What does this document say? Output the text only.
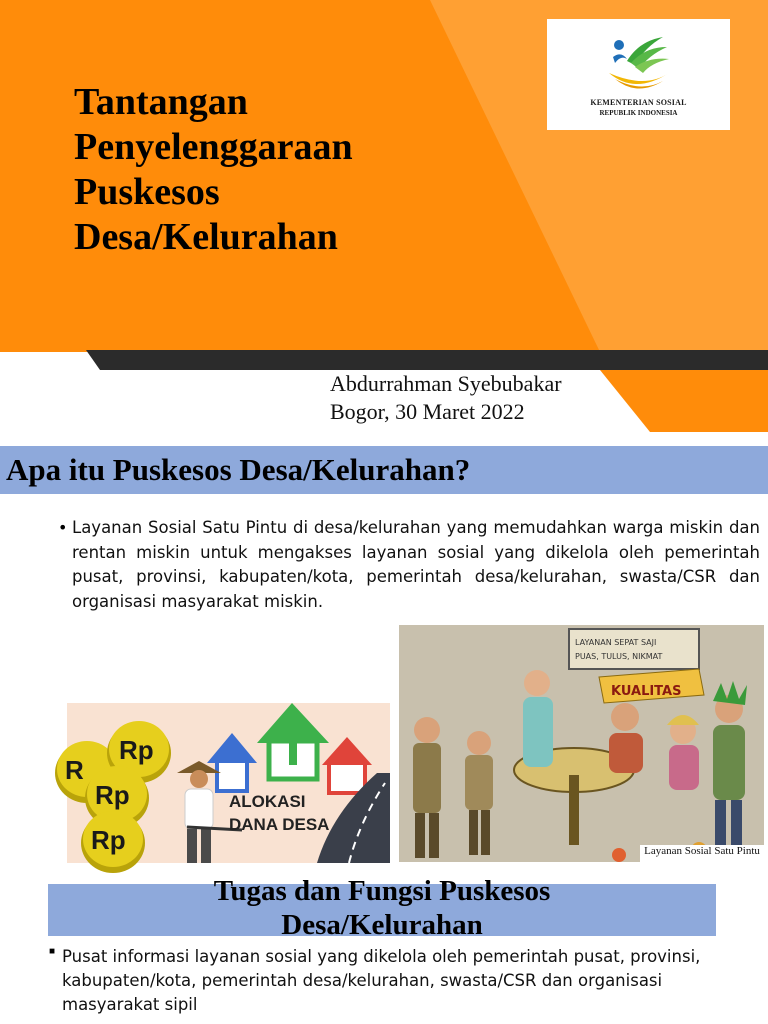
Tantangan
Penyelenggaraan
Puskesos
Desa/Kelurahan
KEMENTERIAN SOSIAL
REPUBLIK INDONESIA
Abdurrahman Syebubakar
Bogor, 30 Maret 2022
Apa itu Puskesos Desa/Kelurahan?
• Layanan Sosial Satu Pintu di desa/kelurahan yang memudahkan warga miskin dan rentan miskin untuk mengakses layanan sosial yang dikelola oleh pemerintah pusat, provinsi, kabupaten/kota, pemerintah desa/kelurahan, swasta/CSR dan organisasi masyarakat miskin.

Rp
Rp
Rp
R
ALOKASI
DANA DESA
LAYANAN SEPAT SAJI
PUAS, TULUS, NIKMAT
KUALITAS
Layanan Sosial Satu Pintu
Tugas dan Fungsi Puskesos
Desa/Kelurahan
■ Pusat informasi layanan sosial yang dikelola oleh pemerintah pusat, provinsi, kabupaten/kota, pemerintah desa/kelurahan, swasta/CSR dan organisasi masyarakat sipil
